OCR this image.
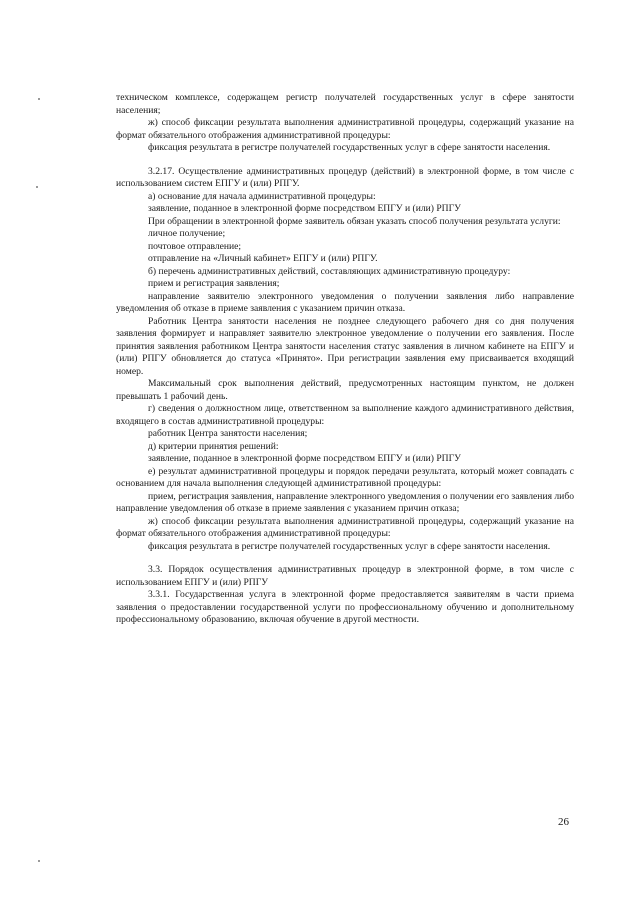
техническом комплексе, содержащем регистр получателей государственных услуг в сфере занятости населения;

ж) способ фиксации результата выполнения административной процедуры, содержащий указание на формат обязательного отображения административной процедуры:

фиксация результата в регистре получателей государственных услуг в сфере занятости населения.

3.2.17. Осуществление административных процедур (действий) в электронной форме, в том числе с использованием систем ЕПГУ и (или) РПГУ.

а) основание для начала административной процедуры:

заявление, поданное в электронной форме посредством ЕПГУ и (или) РПГУ

При обращении в электронной форме заявитель обязан указать способ получения результата услуги:

личное получение;

почтовое отправление;

отправление на «Личный кабинет» ЕПГУ и (или) РПГУ.

б) перечень административных действий, составляющих административную процедуру:

прием и регистрация заявления;

направление заявителю электронного уведомления о получении заявления либо направление уведомления об отказе в приеме заявления с указанием причин отказа.

Работник Центра занятости населения не позднее следующего рабочего дня со дня получения заявления формирует и направляет заявителю электронное уведомление о получении его заявления. После принятия заявления работником Центра занятости населения статус заявления в личном кабинете на ЕПГУ и (или) РПГУ обновляется до статуса «Принято». При регистрации заявления ему присваивается входящий номер.

Максимальный срок выполнения действий, предусмотренных настоящим пунктом, не должен превышать 1 рабочий день.

г) сведения о должностном лице, ответственном за выполнение каждого административного действия, входящего в состав административной процедуры:

работник Центра занятости населения;

д) критерии принятия решений:

заявление, поданное в электронной форме посредством ЕПГУ и (или) РПГУ

е) результат административной процедуры и порядок передачи результата, который может совпадать с основанием для начала выполнения следующей административной процедуры:

прием, регистрация заявления, направление электронного уведомления о получении его заявления либо направление уведомления об отказе в приеме заявления с указанием причин отказа;

ж) способ фиксации результата выполнения административной процедуры, содержащий указание на формат обязательного отображения административной процедуры:

фиксация результата в регистре получателей государственных услуг в сфере занятости населения.

3.3. Порядок осуществления административных процедур в электронной форме, в том числе с использованием ЕПГУ и (или) РПГУ

3.3.1. Государственная услуга в электронной форме предоставляется заявителям в части приема заявления о предоставлении государственной услуги по профессиональному обучению и дополнительному профессиональному образованию, включая обучение в другой местности.

26
